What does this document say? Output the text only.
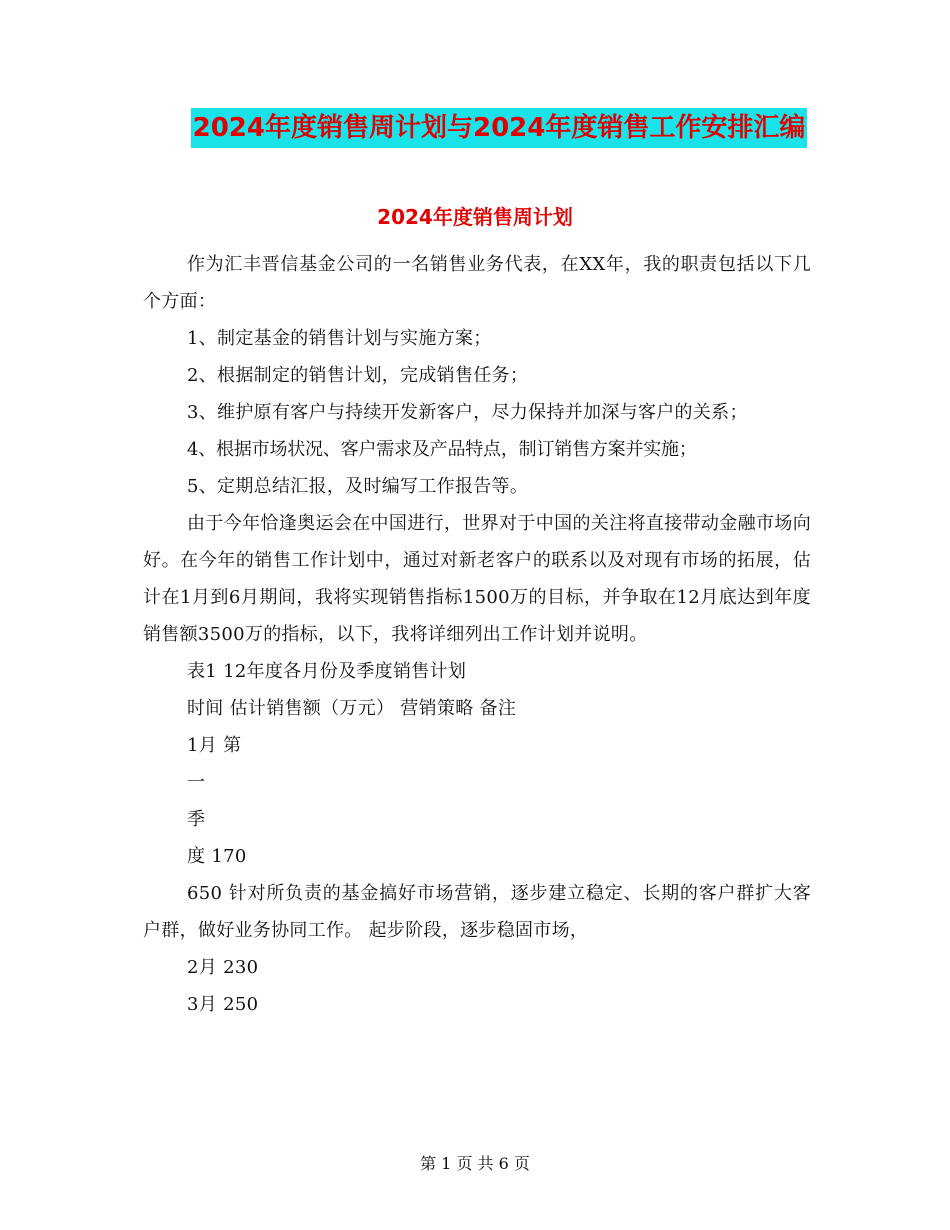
2024年度销售周计划与2024年度销售工作安排汇编
2024年度销售周计划

作为汇丰晋信基金公司的一名销售业务代表，在XX年，我的职责包括以下几个方面：

1、制定基金的销售计划与实施方案；

2、根据制定的销售计划，完成销售任务；

3、维护原有客户与持续开发新客户，尽力保持并加深与客户的关系；

4、根据市场状况、客户需求及产品特点，制订销售方案并实施；

5、定期总结汇报，及时编写工作报告等。

由于今年恰逢奥运会在中国进行，世界对于中国的关注将直接带动金融市场向好。在今年的销售工作计划中，通过对新老客户的联系以及对现有市场的拓展，估计在1月到6月期间，我将实现销售指标1500万的目标，并争取在12月底达到年度销售额3500万的指标，以下，我将详细列出工作计划并说明。

表1 12年度各月份及季度销售计划

时间 估计销售额（万元） 营销策略 备注

1月 第

一

季

度 170

650 针对所负责的基金搞好市场营销，逐步建立稳定、长期的客户群扩大客户群，做好业务协同工作。 起步阶段，逐步稳固市场，

2月 230

3月 250

第 1 页 共 6 页
